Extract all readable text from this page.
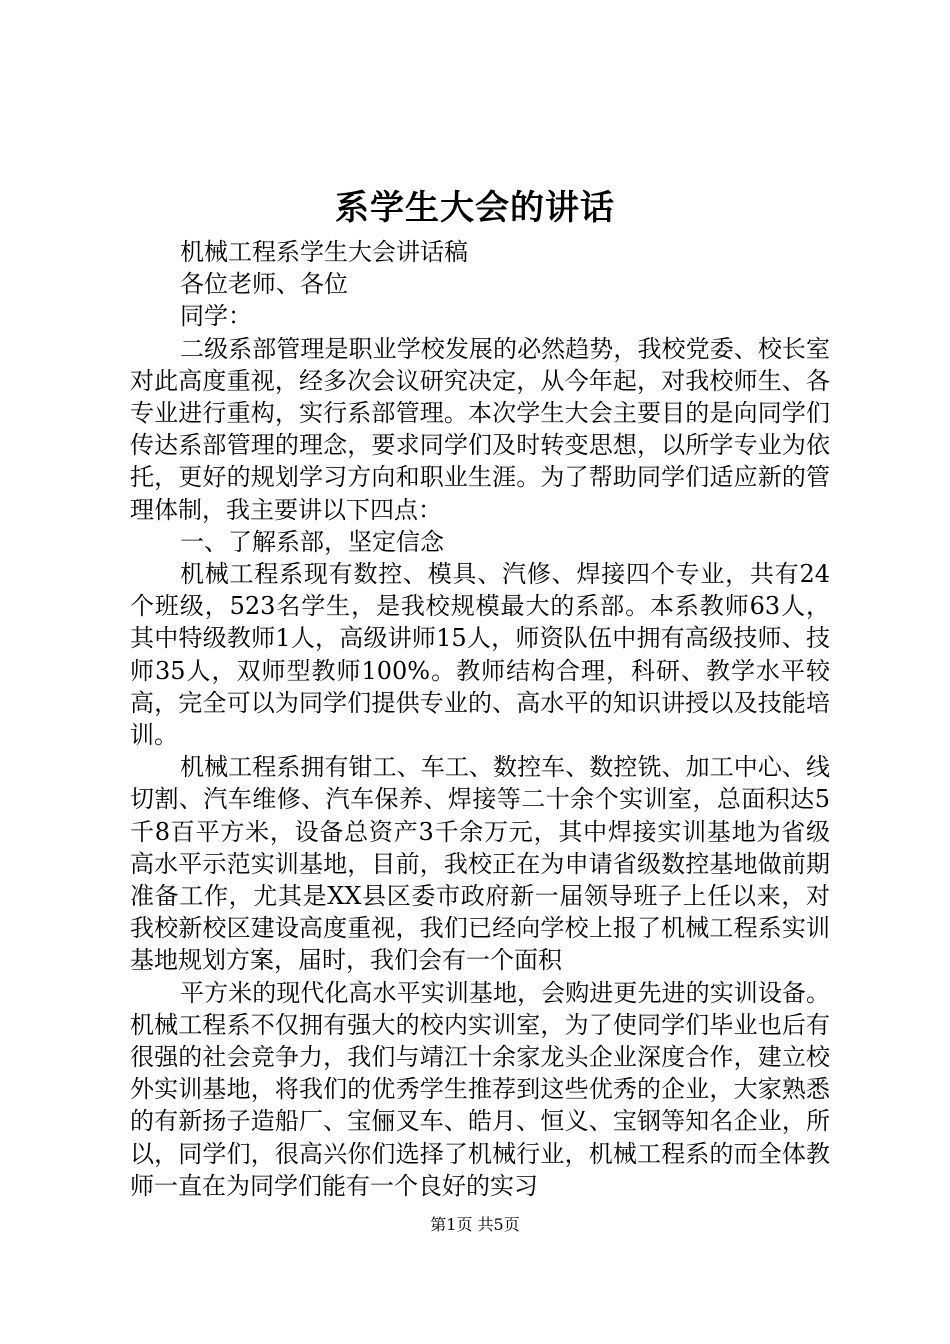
系学生大会的讲话

机械工程系学生大会讲话稿

各位老师、各位

同学：

二级系部管理是职业学校发展的必然趋势，我校党委、校长室对此高度重视，经多次会议研究决定，从今年起，对我校师生、各专业进行重构，实行系部管理。本次学生大会主要目的是向同学们传达系部管理的理念，要求同学们及时转变思想，以所学专业为依托，更好的规划学习方向和职业生涯。为了帮助同学们适应新的管理体制，我主要讲以下四点：

一、了解系部，坚定信念

机械工程系现有数控、模具、汽修、焊接四个专业，共有24个班级，523名学生，是我校规模最大的系部。本系教师63人，其中特级教师1人，高级讲师15人，师资队伍中拥有高级技师、技师35人，双师型教师100%。教师结构合理，科研、教学水平较高，完全可以为同学们提供专业的、高水平的知识讲授以及技能培训。

机械工程系拥有钳工、车工、数控车、数控铣、加工中心、线切割、汽车维修、汽车保养、焊接等二十余个实训室，总面积达5千8百平方米，设备总资产3千余万元，其中焊接实训基地为省级高水平示范实训基地，目前，我校正在为申请省级数控基地做前期准备工作，尤其是XX县区委市政府新一届领导班子上任以来，对我校新校区建设高度重视，我们已经向学校上报了机械工程系实训基地规划方案，届时，我们会有一个面积

平方米的现代化高水平实训基地，会购进更先进的实训设备。机械工程系不仅拥有强大的校内实训室，为了使同学们毕业也后有很强的社会竞争力，我们与靖江十余家龙头企业深度合作，建立校外实训基地，将我们的优秀学生推荐到这些优秀的企业，大家熟悉的有新扬子造船厂、宝俪叉车、皓月、恒义、宝钢等知名企业，所以，同学们，很高兴你们选择了机械行业，机械工程系的而全体教师一直在为同学们能有一个良好的实习

第1页 共5页
